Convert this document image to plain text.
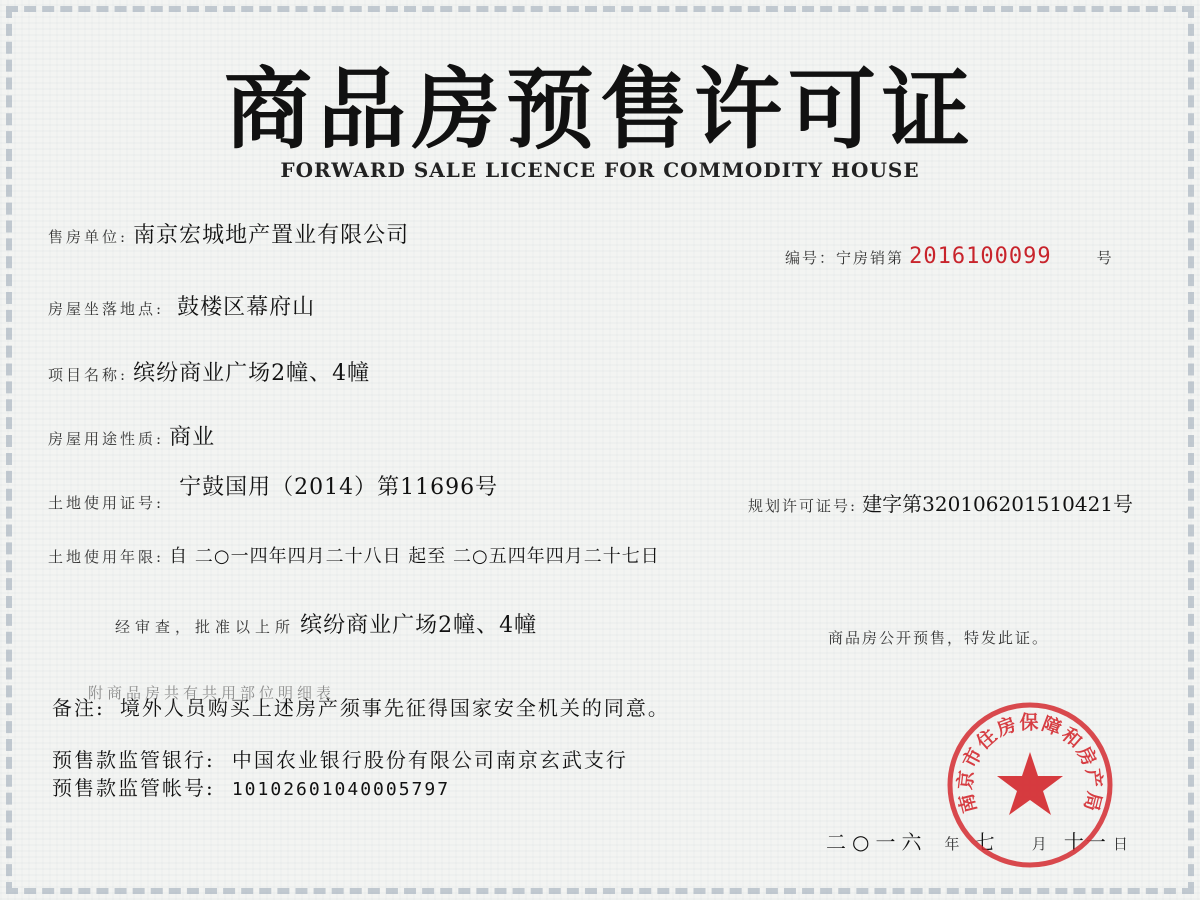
商品房预售许可证
FORWARD SALE LICENCE FOR COMMODITY HOUSE
编号：宁房销第 2016100099	号
售房单位: 南京宏城地产置业有限公司
房屋坐落地点: 鼓楼区幕府山
项目名称: 缤纷商业广场2幢、4幢
房屋用途性质: 商业
土地使用证号: 宁鼓国用（2014）第11696号
规划许可证号: 建字第320106201510421号
土地使用年限: 自 二○一四年四月二十八日 起至 二○五四年四月二十七日
经审查，批准以上所 缤纷商业广场2幢、4幢	商品房公开预售，特发此证。
附商品房共有共用部位明细表
备注: 境外人员购买上述房产须事先征得国家安全机关的同意。
预售款监管银行: 中国农业银行股份有限公司南京玄武支行
预售款监管帐号: 10102601040005797
二○一六 年 七 月 十一 日
南京市住房保障和房产局
